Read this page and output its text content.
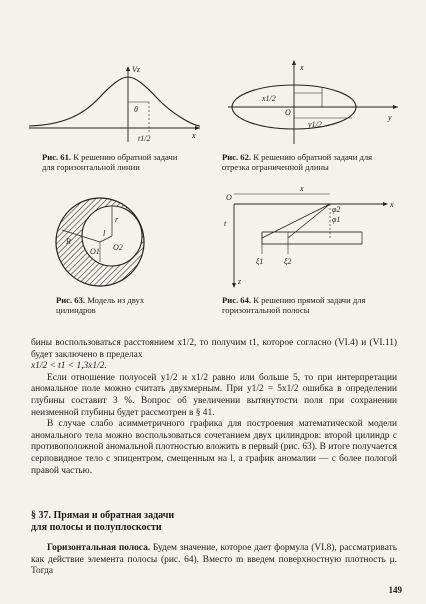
Vz
x
θ
t1/2
Рис. 61. К решению обратной задачи для горизонтальной линии
x
y
O
x1/2
y1/2
Рис. 62. К решению обратной задачи для отрезка ограниченной длины
R
r
l
O1 O2
Рис. 63. Модель из двух цилиндров
x
x
O
t
z
ξ1	ξ2
φ1
φ2
Рис. 64. К решению прямой задачи для горизонтальной полосы

бины воспользоваться расстоянием x1/2, то получим t1, которое согласно (VI.4) и (VI.11) будет заключено в пределах

x1/2 < t1 < 1,3x1/2.

Если отношение полуосей y1/2 и x1/2 равно или больше 5, то при интерпретации аномальное поле можно считать двухмерным. При y1/2 = 5x1/2 ошибка в определении глубины составит 3 %. Вопрос об увеличении вытянутости поля при сохранении неизменной глубины будет рассмотрен в § 41.

В случае слабо асимметричного графика для построения математической модели аномального тела можно воспользоваться сочетанием двух цилиндров: второй цилиндр с противоположной аномальной плотностью вложить в первый (рис. 63). В итоге получается серповидное тело с эпицентром, смещенным на l, а график аномалии — с более пологой правой частью.

§ 37. Прямая и обратная задачи
для полосы и полуплоскости

Горизонтальная полоса. Будем значение, которое дает формула (VI.8), рассматривать как действие элемента полосы (рис. 64). Вместо m введем поверхностную плотность μ. Тогда

149
